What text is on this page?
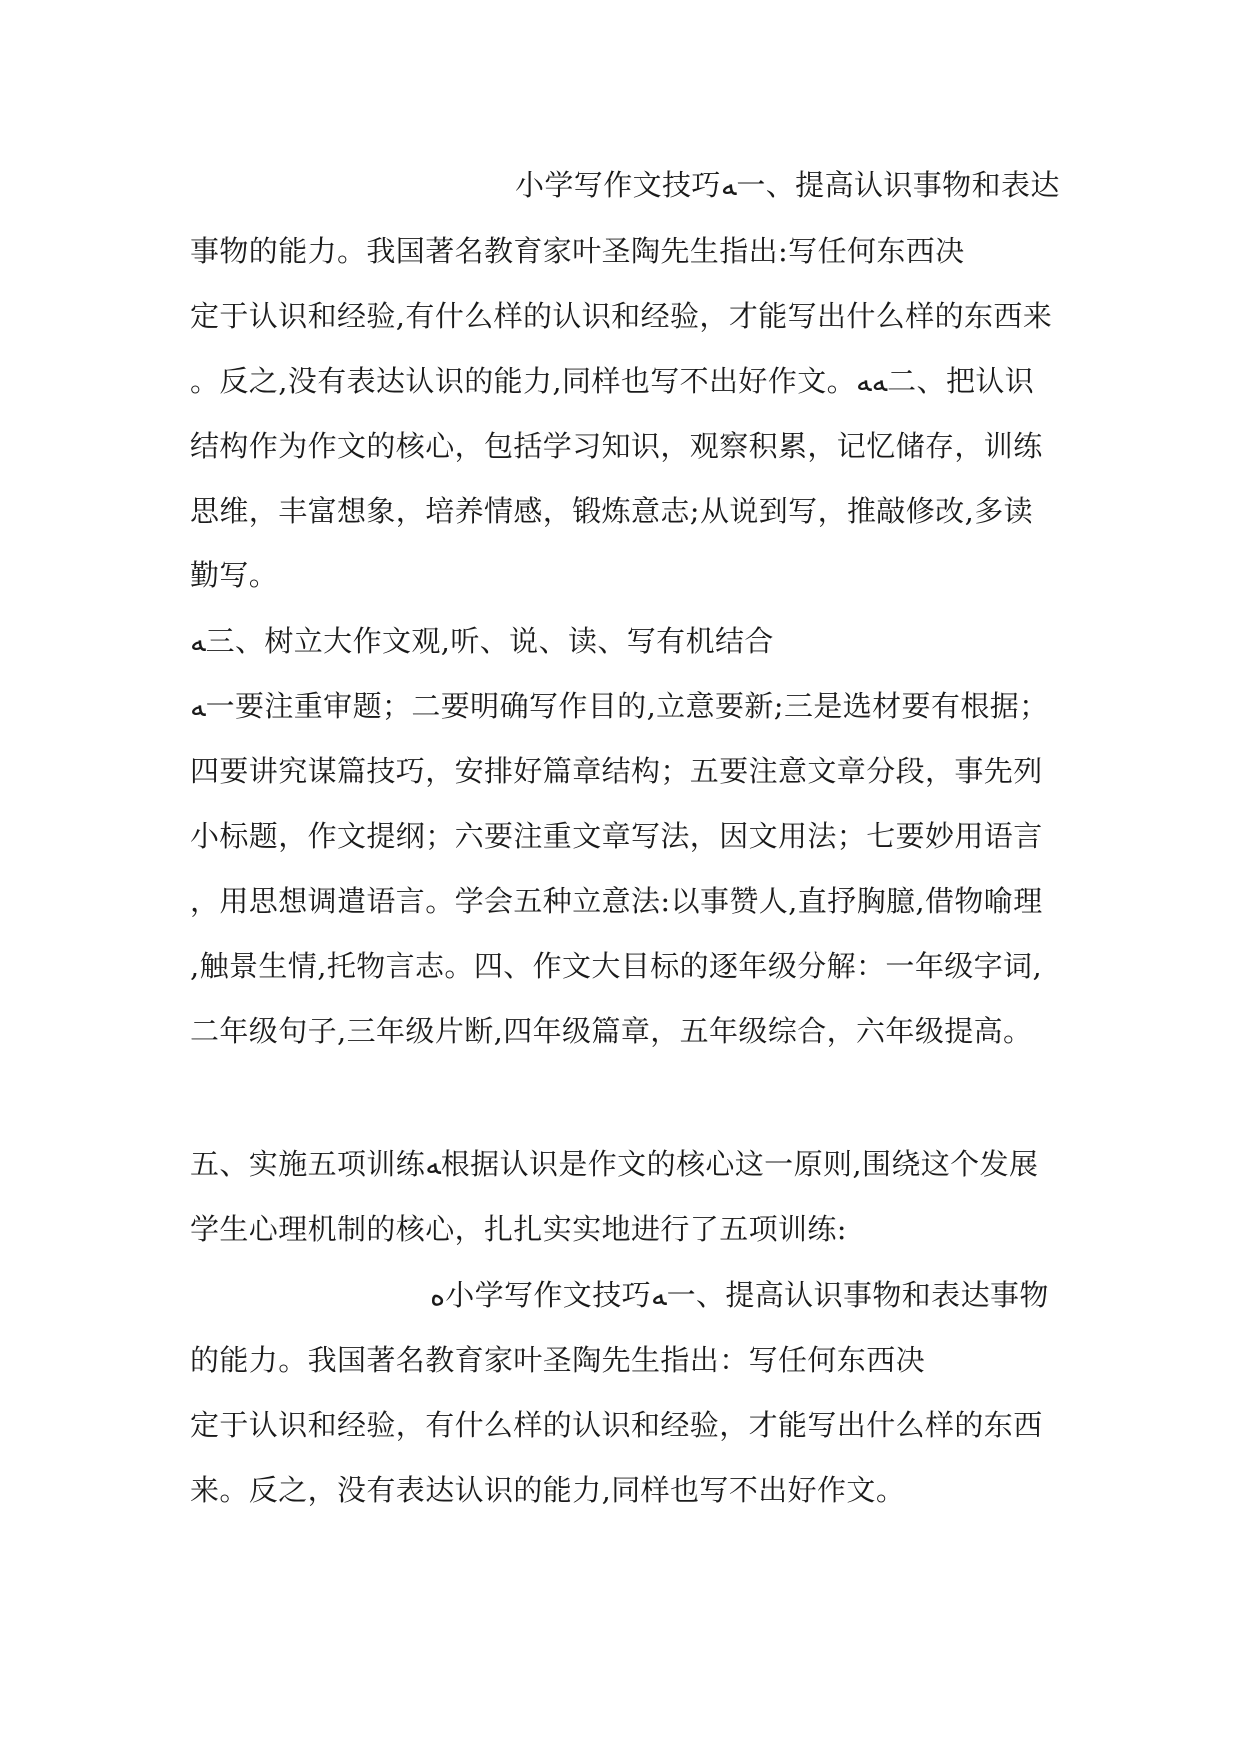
小学写作文技巧ﻪ一、提高认识事物和表达
事物的能力。我国著名教育家叶圣陶先生指出:写任何东西决
定于认识和经验,有什么样的认识和经验，才能写出什么样的东西来
。反之,没有表达认识的能力,同样也写不出好作文。ﻪﻪ二、把认识
结构作为作文的核心，包括学习知识，观察积累，记忆储存，训练
思维，丰富想象，培养情感，锻炼意志;从说到写，推敲修改,多读
勤写。
ﻪ三、树立大作文观,听、说、读、写有机结合
ﻪ一要注重审题；二要明确写作目的,立意要新;三是选材要有根据；
四要讲究谋篇技巧，安排好篇章结构；五要注意文章分段，事先列
小标题，作文提纲；六要注重文章写法，因文用法；七要妙用语言
，用思想调遣语言。学会五种立意法:以事赞人,直抒胸臆,借物喻理
,触景生情,托物言志。四、作文大目标的逐年级分解：一年级字词,
二年级句子,三年级片断,四年级篇章，五年级综合，六年级提高。
五、实施五项训练ﻪ根据认识是作文的核心这一原则,围绕这个发展
学生心理机制的核心，扎扎实实地进行了五项训练:
ﻩ小学写作文技巧ﻪ一、提高认识事物和表达事物
的能力。我国著名教育家叶圣陶先生指出：写任何东西决
定于认识和经验，有什么样的认识和经验，才能写出什么样的东西
来。反之，没有表达认识的能力,同样也写不出好作文。
